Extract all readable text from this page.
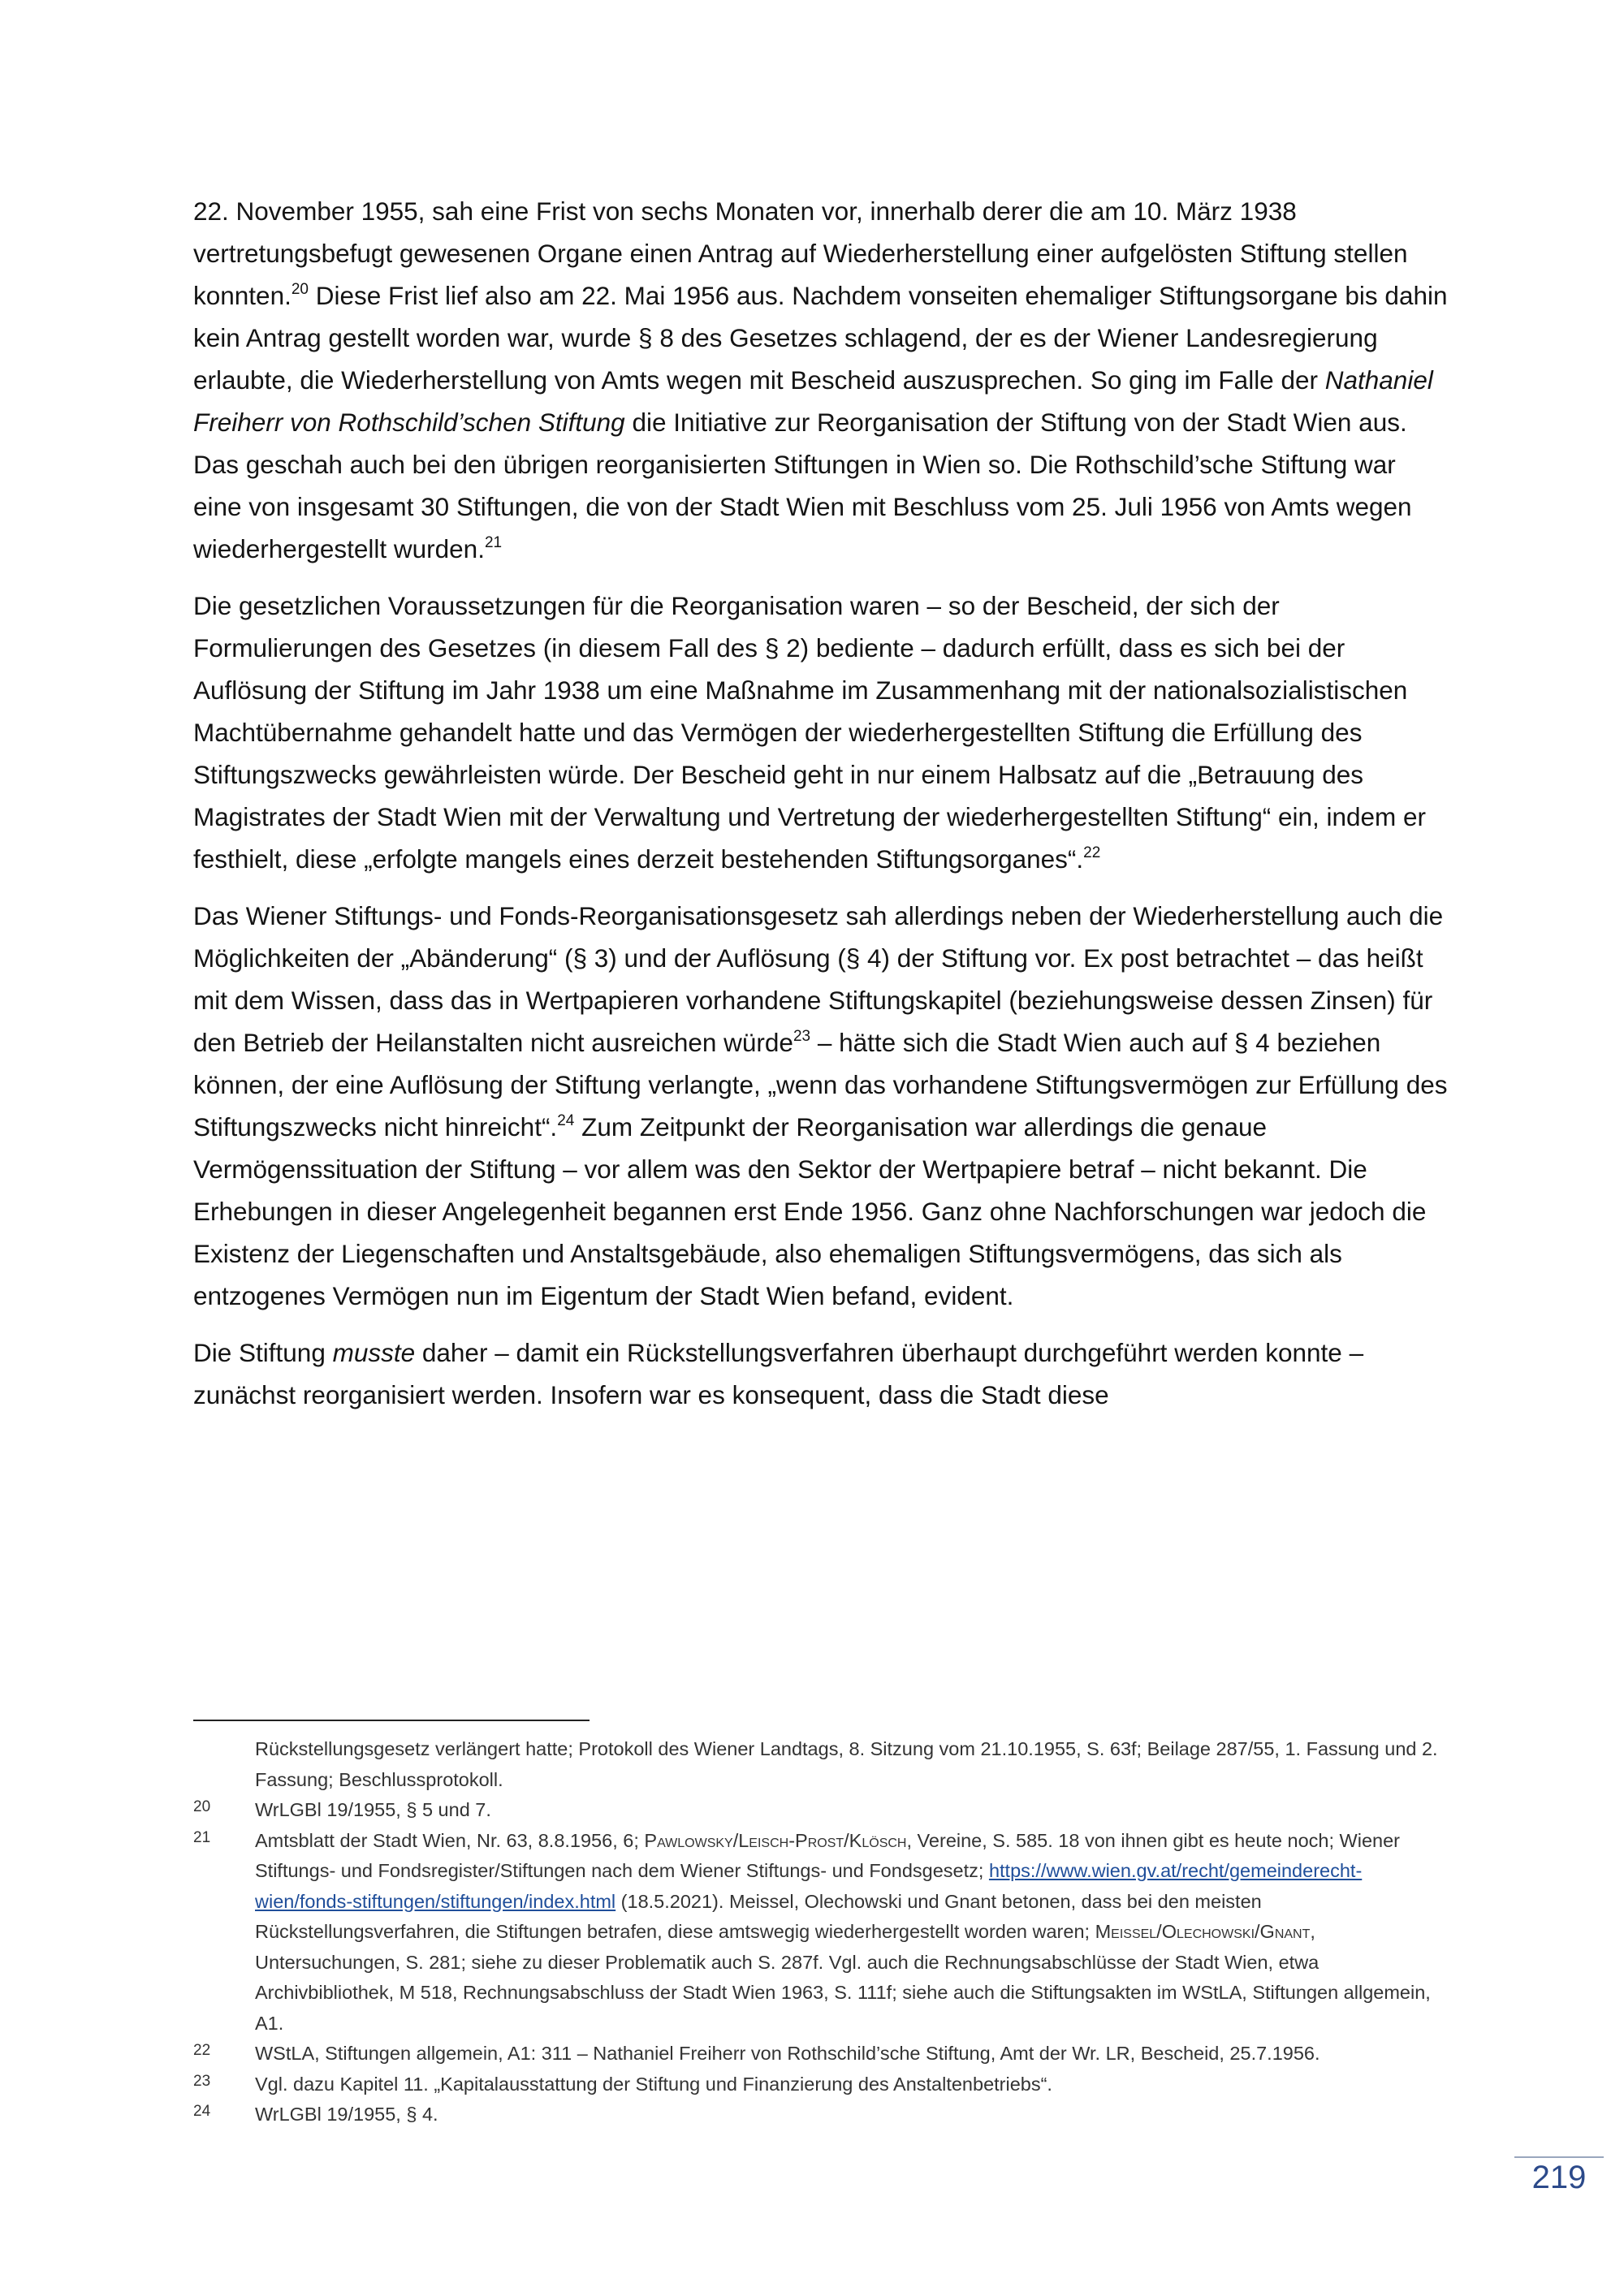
22. November 1955, sah eine Frist von sechs Monaten vor, innerhalb derer die am 10. März 1938 vertretungsbefugt gewesenen Organe einen Antrag auf Wiederherstellung einer aufgelösten Stiftung stellen konnten.$^{20}$ Diese Frist lief also am 22. Mai 1956 aus. Nachdem vonseiten ehemaliger Stiftungsorgane bis dahin kein Antrag gestellt worden war, wurde § 8 des Gesetzes schlagend, der es der Wiener Landesregierung erlaubte, die Wiederherstellung von Amts wegen mit Bescheid auszusprechen. So ging im Falle der Nathaniel Freiherr von Rothschild’schen Stiftung die Initiative zur Reorganisation der Stiftung von der Stadt Wien aus. Das geschah auch bei den übrigen reorganisierten Stiftungen in Wien so. Die Rothschild’sche Stiftung war eine von insgesamt 30 Stiftungen, die von der Stadt Wien mit Beschluss vom 25. Juli 1956 von Amts wegen wiederhergestellt wurden.$^{21}$

Die gesetzlichen Voraussetzungen für die Reorganisation waren – so der Bescheid, der sich der Formulierungen des Gesetzes (in diesem Fall des § 2) bediente – dadurch erfüllt, dass es sich bei der Auflösung der Stiftung im Jahr 1938 um eine Maßnahme im Zusammenhang mit der nationalsozialistischen Machtübernahme gehandelt hatte und das Vermögen der wiederhergestellten Stiftung die Erfüllung des Stiftungszwecks gewährleisten würde. Der Bescheid geht in nur einem Halbsatz auf die „Betrauung des Magistrates der Stadt Wien mit der Verwaltung und Vertretung der wiederhergestellten Stiftung“ ein, indem er festhielt, diese „erfolgte mangels eines derzeit bestehenden Stiftungsorganes“.$^{22}$

Das Wiener Stiftungs- und Fonds-Reorganisationsgesetz sah allerdings neben der Wiederherstellung auch die Möglichkeiten der „Abänderung“ (§ 3) und der Auflösung (§ 4) der Stiftung vor. Ex post betrachtet – das heißt mit dem Wissen, dass das in Wertpapieren vorhandene Stiftungskapitel (beziehungsweise dessen Zinsen) für den Betrieb der Heilanstalten nicht ausreichen würde$^{23}$ – hätte sich die Stadt Wien auch auf § 4 beziehen können, der eine Auflösung der Stiftung verlangte, „wenn das vorhandene Stiftungsvermögen zur Erfüllung des Stiftungszwecks nicht hinreicht“.$^{24}$ Zum Zeitpunkt der Reorganisation war allerdings die genaue Vermögenssituation der Stiftung – vor allem was den Sektor der Wertpapiere betraf – nicht bekannt. Die Erhebungen in dieser Angelegenheit begannen erst Ende 1956. Ganz ohne Nachforschungen war jedoch die Existenz der Liegenschaften und Anstaltsgebäude, also ehemaligen Stiftungsvermögens, das sich als entzogenes Vermögen nun im Eigentum der Stadt Wien befand, evident.

Die Stiftung musste daher – damit ein Rückstellungsverfahren überhaupt durchgeführt werden konnte – zunächst reorganisiert werden. Insofern war es konsequent, dass die Stadt diese

Rückstellungsgesetz verlängert hatte; Protokoll des Wiener Landtags, 8. Sitzung vom 21.10.1955, S. 63f; Beilage 287/55, 1. Fassung und 2. Fassung; Beschlussprotokoll.
20 WrLGBl 19/1955, § 5 und 7.
21 Amtsblatt der Stadt Wien, Nr. 63, 8.8.1956, 6; Pawlowsky/Leisch-Prost/Klösch, Vereine, S. 585. 18 von ihnen gibt es heute noch; Wiener Stiftungs- und Fondsregister/Stiftungen nach dem Wiener Stiftungs- und Fondsgesetz; https://www.wien.gv.at/recht/gemeinderecht-wien/fonds-stiftungen/stiftungen/index.html (18.5.2021). Meissel, Olechowski und Gnant betonen, dass bei den meisten Rückstellungsverfahren, die Stiftungen betrafen, diese amtswegig wiederhergestellt worden waren; Meissel/Olechowski/Gnant, Untersuchungen, S. 281; siehe zu dieser Problematik auch S. 287f. Vgl. auch die Rechnungsabschlüsse der Stadt Wien, etwa Archivbibliothek, M 518, Rechnungsabschluss der Stadt Wien 1963, S. 111f; siehe auch die Stiftungsakten im WStLA, Stiftungen allgemein, A1.
22 WStLA, Stiftungen allgemein, A1: 311 – Nathaniel Freiherr von Rothschild’sche Stiftung, Amt der Wr. LR, Bescheid, 25.7.1956.
23 Vgl. dazu Kapitel 11. „Kapitalausstattung der Stiftung und Finanzierung des Anstaltenbetriebs“.
24 WrLGBl 19/1955, § 4.
219
